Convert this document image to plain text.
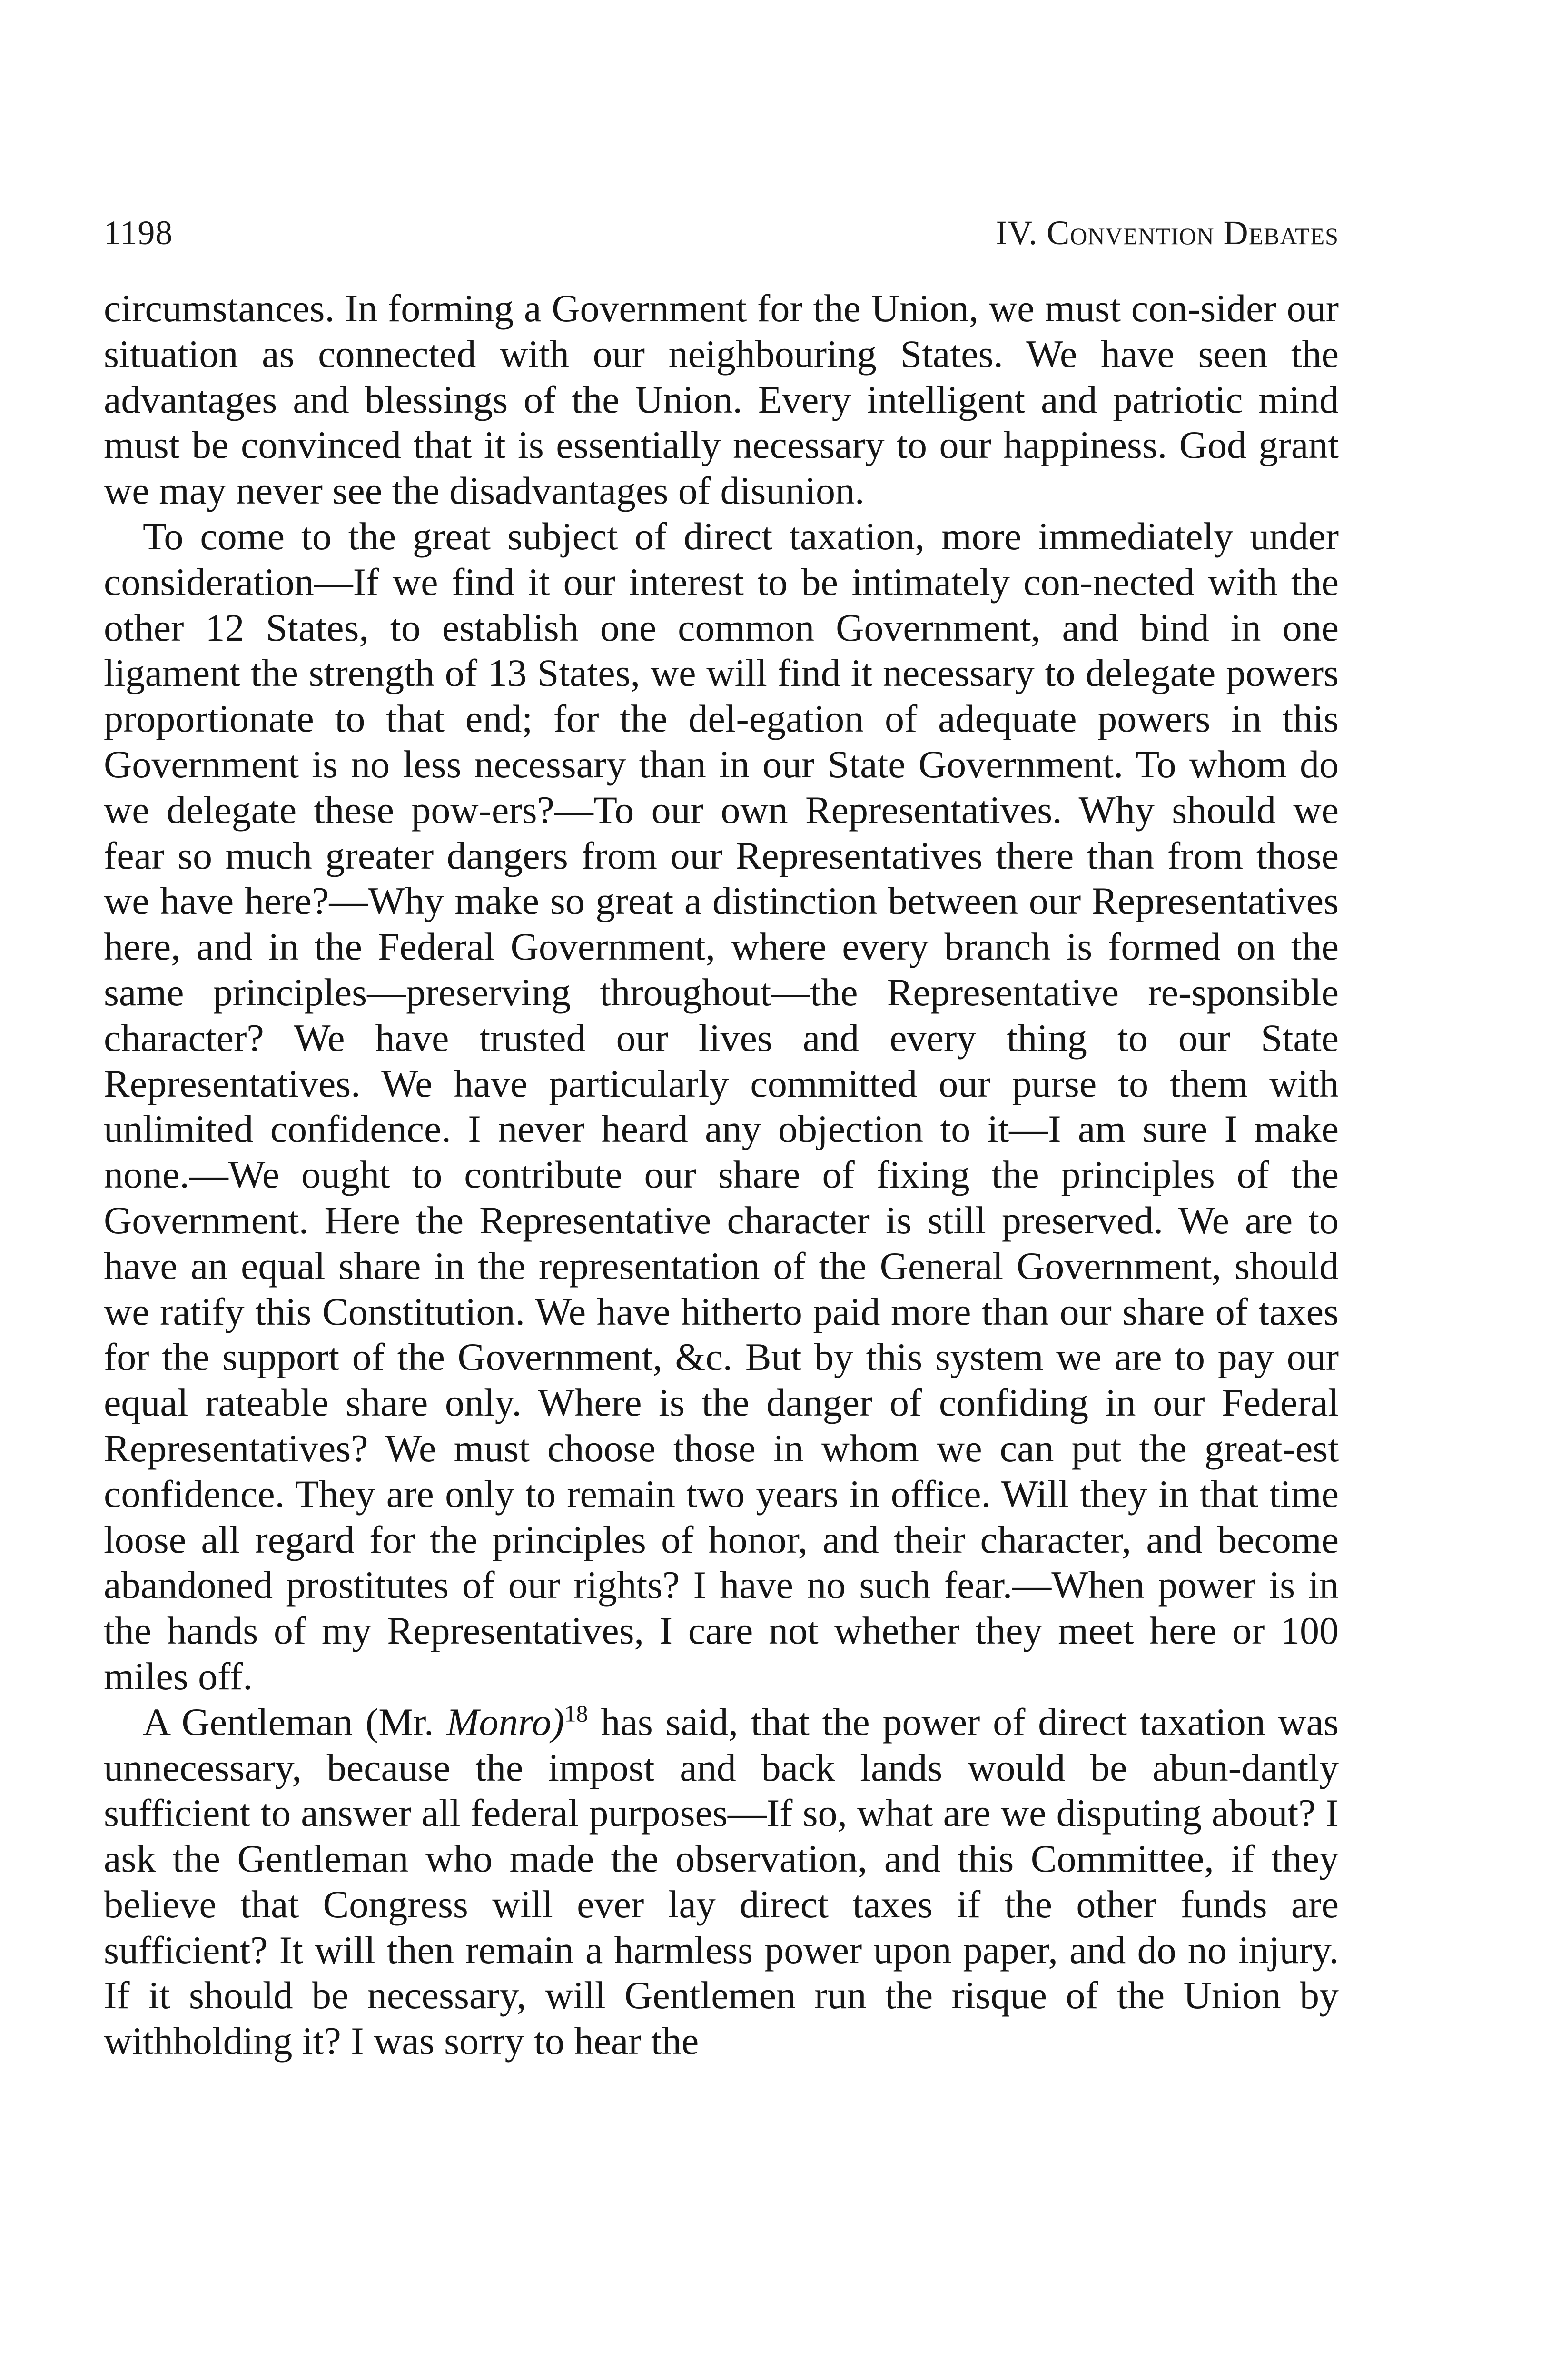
1198	IV. Convention Debates

circumstances. In forming a Government for the Union, we must con-sider our situation as connected with our neighbouring States. We have seen the advantages and blessings of the Union. Every intelligent and patriotic mind must be convinced that it is essentially necessary to our happiness. God grant we may never see the disadvantages of disunion.

To come to the great subject of direct taxation, more immediately under consideration—If we find it our interest to be intimately con-nected with the other 12 States, to establish one common Government, and bind in one ligament the strength of 13 States, we will find it necessary to delegate powers proportionate to that end; for the del-egation of adequate powers in this Government is no less necessary than in our State Government. To whom do we delegate these pow-ers?—To our own Representatives. Why should we fear so much greater dangers from our Representatives there than from those we have here?—Why make so great a distinction between our Representatives here, and in the Federal Government, where every branch is formed on the same principles—preserving throughout—the Representative re-sponsible character? We have trusted our lives and every thing to our State Representatives. We have particularly committed our purse to them with unlimited confidence. I never heard any objection to it—I am sure I make none.—We ought to contribute our share of fixing the principles of the Government. Here the Representative character is still preserved. We are to have an equal share in the representation of the General Government, should we ratify this Constitution. We have hitherto paid more than our share of taxes for the support of the Government, &c. But by this system we are to pay our equal rateable share only. Where is the danger of confiding in our Federal Representatives? We must choose those in whom we can put the great-est confidence. They are only to remain two years in office. Will they in that time loose all regard for the principles of honor, and their character, and become abandoned prostitutes of our rights? I have no such fear.—When power is in the hands of my Representatives, I care not whether they meet here or 100 miles off.

A Gentleman (Mr. Monro)$^{18}$ has said, that the power of direct taxation was unnecessary, because the impost and back lands would be abun-dantly sufficient to answer all federal purposes—If so, what are we disputing about? I ask the Gentleman who made the observation, and this Committee, if they believe that Congress will ever lay direct taxes if the other funds are sufficient? It will then remain a harmless power upon paper, and do no injury. If it should be necessary, will Gentlemen run the risque of the Union by withholding it? I was sorry to hear the
